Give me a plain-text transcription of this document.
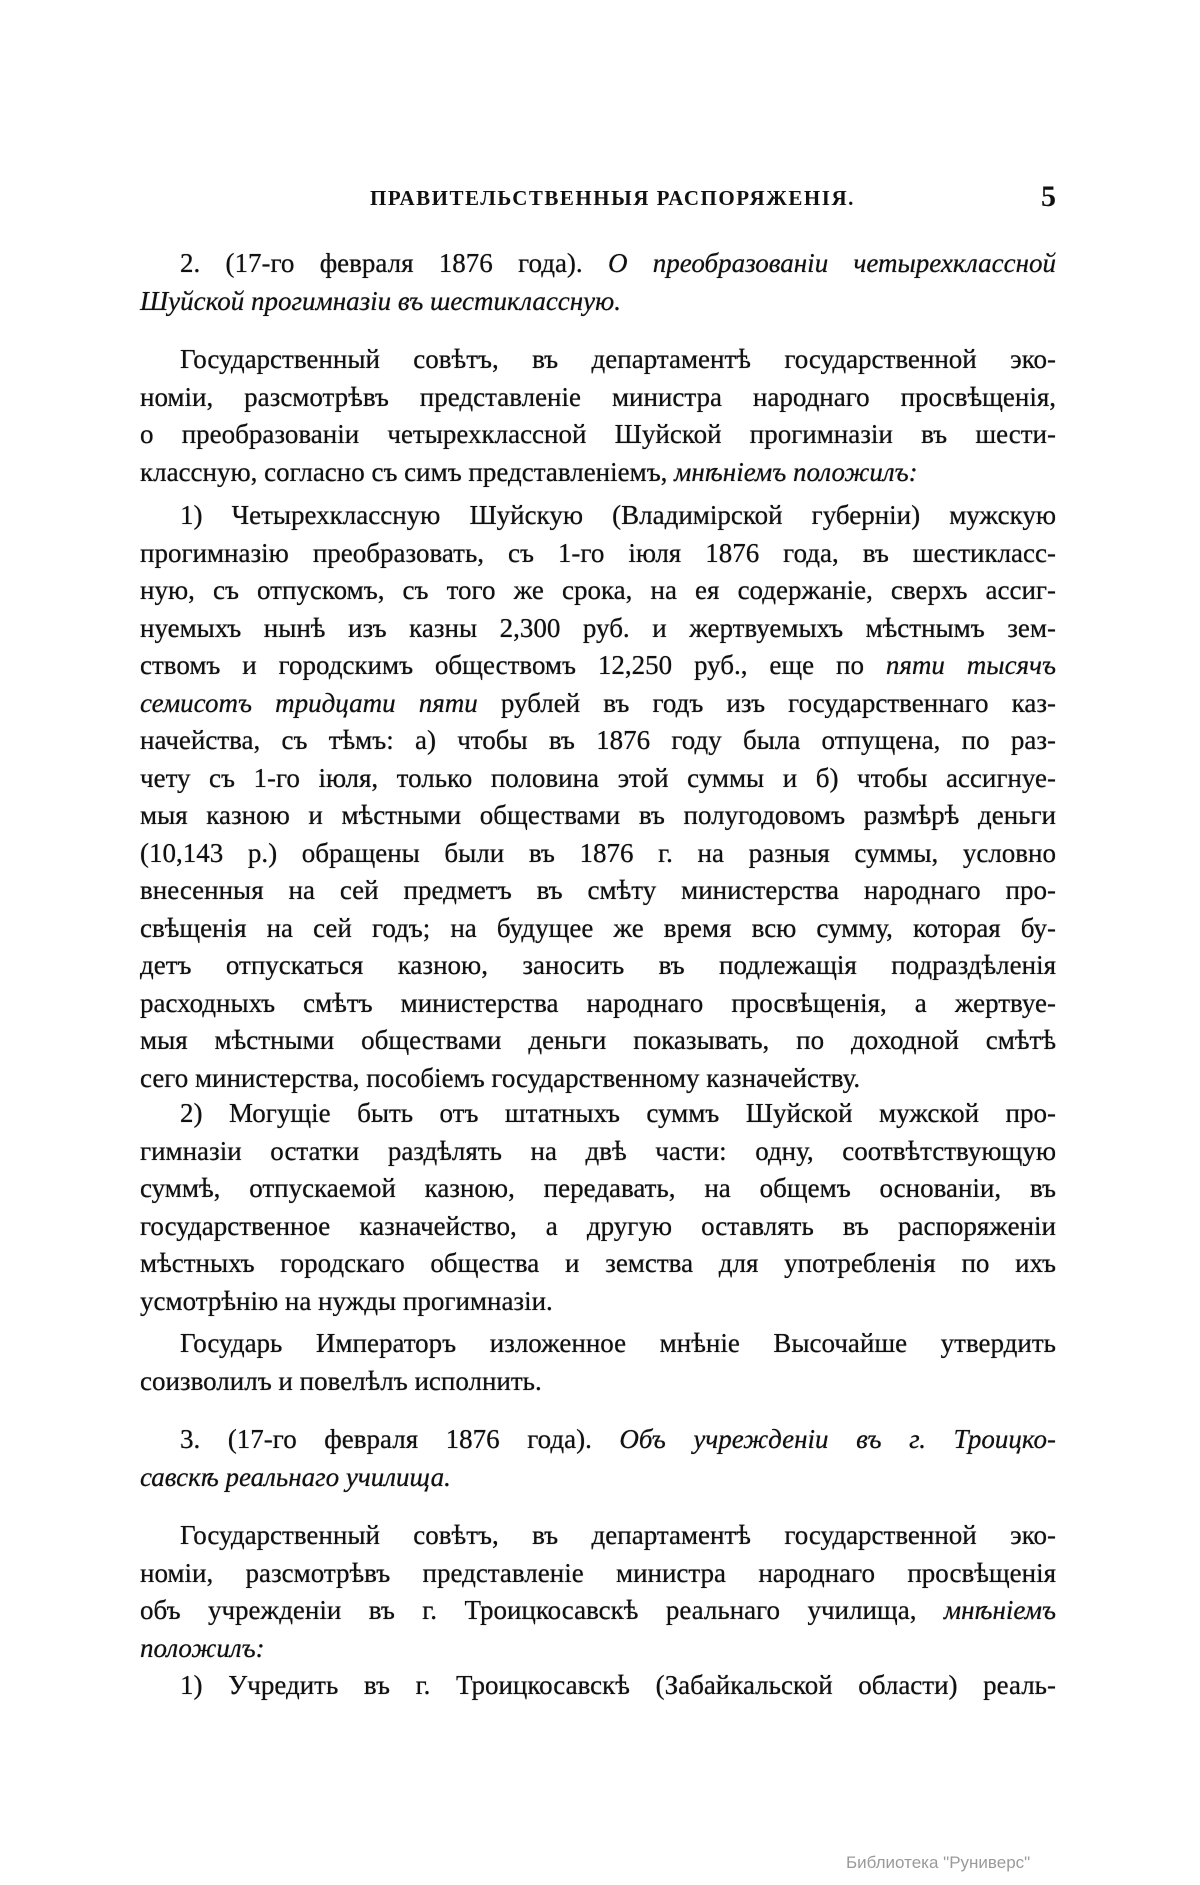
ПРАВИТЕЛЬСТВЕННЫЯ РАСПОРЯЖЕНІЯ.	5
2. (17-го февраля 1876 года). О преобразованіи четырехклассной
Шуйской прогимназіи въ шестиклассную.
Государственный совѣтъ, въ департаментѣ государственной эко-
номіи, разсмотрѣвъ представленіе министра народнаго просвѣщенія,
о преобразованіи четырехклассной Шуйской прогимназіи въ шести-
классную, согласно съ симъ представленіемъ, мнѣніемъ положилъ:
1) Четырехклассную Шуйскую (Владимірской губерніи) мужскую
прогимназію преобразовать, съ 1-го іюля 1876 года, въ шестикласс-
ную, съ отпускомъ, съ того же срока, на ея содержаніе, сверхъ ассиг-
нуемыхъ нынѣ изъ казны 2,300 руб. и жертвуемыхъ мѣстнымъ зем-
ствомъ и городскимъ обществомъ 12,250 руб., еще по пяти тысячъ
семисотъ тридцати пяти рублей въ годъ изъ государственнаго каз-
начейства, съ тѣмъ: а) чтобы въ 1876 году была отпущена, по раз-
чету съ 1-го іюля, только половина этой суммы и б) чтобы ассигнуе-
мыя казною и мѣстными обществами въ полугодовомъ размѣрѣ деньги
(10,143 р.) обращены были въ 1876 г. на разныя суммы, условно
внесенныя на сей предметъ въ смѣту министерства народнаго про-
свѣщенія на сей годъ; на будущее же время всю сумму, которая бу-
детъ отпускаться казною, заносить въ подлежащія подраздѣленія
расходныхъ смѣтъ министерства народнаго просвѣщенія, а жертвуе-
мыя мѣстными обществами деньги показывать, по доходной смѣтѣ
сего министерства, пособіемъ государственному казначейству.
2) Могущіе быть отъ штатныхъ суммъ Шуйской мужской про-
гимназіи остатки раздѣлять на двѣ части: одну, соотвѣтствующую
суммѣ, отпускаемой казною, передавать, на общемъ основаніи, въ
государственное казначейство, а другую оставлять въ распоряженіи
мѣстныхъ городскаго общества и земства для употребленія по ихъ
усмотрѣнію на нужды прогимназіи.
Государь Императоръ изложенное мнѣніе Высочайше утвердить
соизволилъ и повелѣлъ исполнить.
3. (17-го февраля 1876 года). Объ учрежденіи въ г. Троицко-
савскѣ реальнаго училища.
Государственный совѣтъ, въ департаментѣ государственной эко-
номіи, разсмотрѣвъ представленіе министра народнаго просвѣщенія
объ учрежденіи въ г. Троицкосавскѣ реальнаго училища, мнѣніемъ
положилъ:
1) Учредить въ г. Троицкосавскѣ (Забайкальской области) реаль-
Библиотека "Руниверс"
